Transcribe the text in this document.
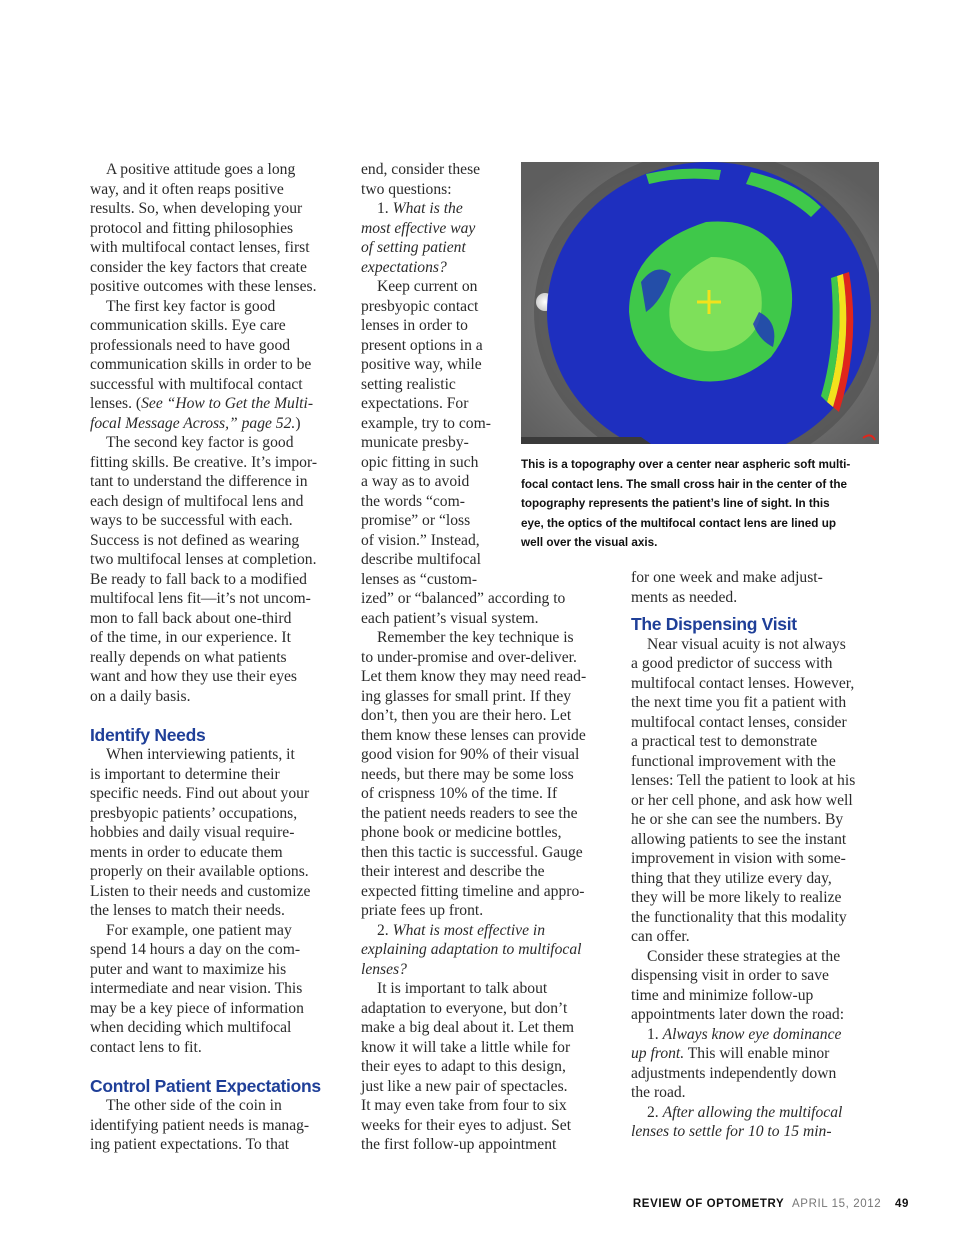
A positive attitude goes a long
way, and it often reaps positive
results. So, when developing your
protocol and fitting philosophies
with multifocal contact lenses, first
consider the key factors that create
positive outcomes with these lenses.
The first key factor is good
communication skills. Eye care
professionals need to have good
communication skills in order to be
successful with multifocal contact
lenses. (See “How to Get the Multi-
focal Message Across,” page 52.)
The second key factor is good
fitting skills. Be creative. It’s impor-
tant to understand the difference in
each design of multifocal lens and
ways to be successful with each.
Success is not defined as wearing
two multifocal lenses at completion.
Be ready to fall back to a modified
multifocal lens fit—it’s not uncom-
mon to fall back about one-third
of the time, in our experience. It
really depends on what patients
want and how they use their eyes
on a daily basis.
Identify Needs
When interviewing patients, it
is important to determine their
specific needs. Find out about your
presbyopic patients’ occupations,
hobbies and daily visual require-
ments in order to educate them
properly on their available options.
Listen to their needs and customize
the lenses to match their needs.
For example, one patient may
spend 14 hours a day on the com-
puter and want to maximize his
intermediate and near vision. This
may be a key piece of information
when deciding which multifocal
contact lens to fit.
Control Patient Expectations
The other side of the coin in
identifying patient needs is manag-
ing patient expectations. To that
end, consider these
two questions:
1. What is the
most effective way
of setting patient
expectations?
Keep current on
presbyopic contact
lenses in order to
present options in a
positive way, while
setting realistic
expectations. For
example, try to com-
municate presby-
opic fitting in such
a way as to avoid
the words “com-
promise” or “loss
of vision.” Instead,
describe multifocal
lenses as “custom-
ized” or “balanced” according to
each patient’s visual system.
Remember the key technique is
to under-promise and over-deliver.
Let them know they may need read-
ing glasses for small print. If they
don’t, then you are their hero. Let
them know these lenses can provide
good vision for 90% of their visual
needs, but there may be some loss
of crispness 10% of the time. If
the patient needs readers to see the
phone book or medicine bottles,
then this tactic is successful. Gauge
their interest and describe the
expected fitting timeline and appro-
priate fees up front.
2. What is most effective in
explaining adaptation to multifocal
lenses?
It is important to talk about
adaptation to everyone, but don’t
make a big deal about it. Let them
know it will take a little while for
their eyes to adapt to this design,
just like a new pair of spectacles.
It may even take from four to six
weeks for their eyes to adjust. Set
the first follow-up appointment
This is a topography over a center near aspheric soft multi-
focal contact lens. The small cross hair in the center of the
topography represents the patient’s line of sight. In this
eye, the optics of the multifocal contact lens are lined up
well over the visual axis.
for one week and make adjust-
ments as needed.
The Dispensing Visit
Near visual acuity is not always
a good predictor of success with
multifocal contact lenses. However,
the next time you fit a patient with
multifocal contact lenses, consider
a practical test to demonstrate
functional improvement with the
lenses: Tell the patient to look at his
or her cell phone, and ask how well
he or she can see the numbers. By
allowing patients to see the instant
improvement in vision with some-
thing that they utilize every day,
they will be more likely to realize
the functionality that this modality
can offer.
Consider these strategies at the
dispensing visit in order to save
time and minimize follow-up
appointments later down the road:
1. Always know eye dominance
up front. This will enable minor
adjustments independently down
the road.
2. After allowing the multifocal
lenses to settle for 10 to 15 min-
REVIEW OF OPTOMETRY APRIL 15, 2012 49
